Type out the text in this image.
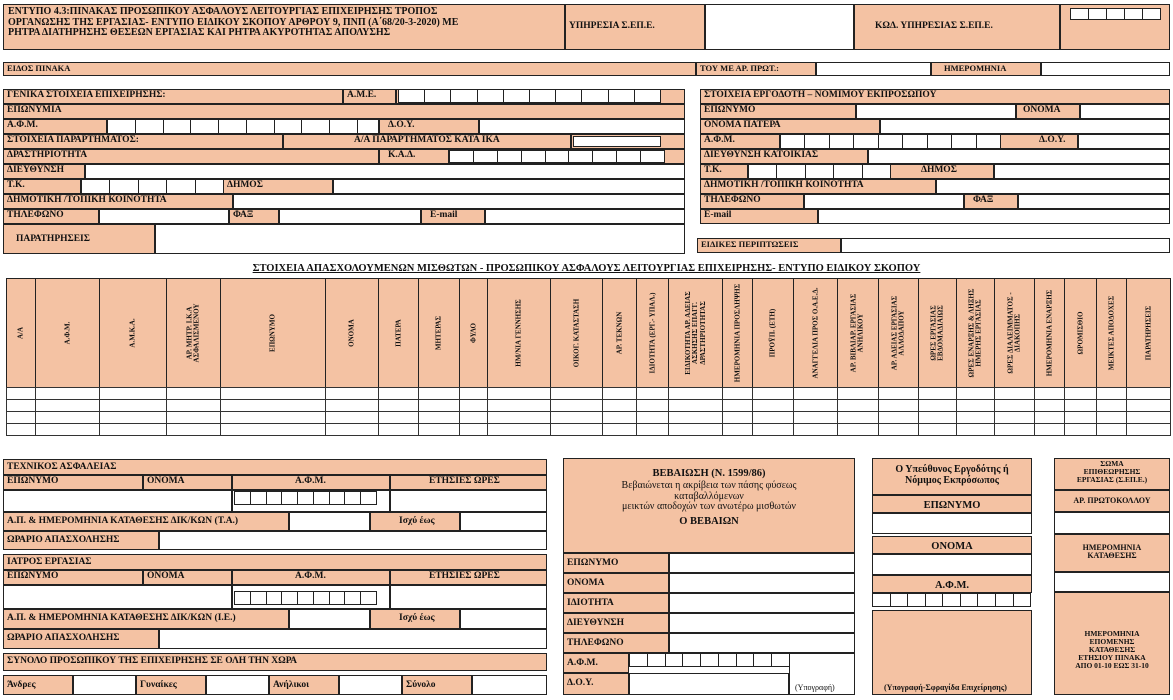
ΕΝΤΥΠΟ 4.3:ΠΙΝΑΚΑΣ ΠΡΟΣΩΠΙΚΟΥ ΑΣΦΑΛΟΥΣ ΛΕΙΤΟΥΡΓΙΑΣ ΕΠΙΧΕΙΡΗΣΗΣ ΤΡΟΠΟΣ
ΟΡΓΑΝΩΣΗΣ ΤΗΣ ΕΡΓΑΣΙΑΣ- ΕΝΤΥΠΟ ΕΙΔΙΚΟΥ ΣΚΟΠΟΥ ΑΡΘΡΟΥ 9, ΠΝΠ (Α΄68/20-3-2020) ΜΕ
ΡΗΤΡΑ ΔΙΑΤΗΡΗΣΗΣ ΘΕΣΕΩΝ ΕΡΓΑΣΙΑΣ ΚΑΙ ΡΗΤΡΑ ΑΚΥΡΟΤΗΤΑΣ ΑΠΟΛΥΣΗΣ
ΥΠΗΡΕΣΙΑ Σ.ΕΠ.Ε.	ΚΩΔ. ΥΠΗΡΕΣΙΑΣ Σ.ΕΠ.Ε.
ΕΙΔΟΣ ΠΙΝΑΚΑ	ΤΟΥ ΜΕ ΑΡ. ΠΡΩΤ.:	ΗΜΕΡΟΜΗΝΙΑ
ΓΕΝΙΚΑ ΣΤΟΙΧΕΙΑ ΕΠΙΧΕΙΡΗΣΗΣ:	Α.Μ.Ε.
ΕΠΩΝΥΜΙΑ
Α.Φ.Μ.	Δ.Ο.Υ.
ΣΤΟΙΧΕΙΑ ΠΑΡΑΡΤΗΜΑΤΟΣ:	Α/Α ΠΑΡΑΡΤΗΜΑΤΟΣ ΚΑΤΑ ΙΚΑ
ΔΡΑΣΤΗΡΙΟΤΗΤΑ	Κ.Α.Δ.
ΔΙΕΥΘΥΝΣΗ
Τ.Κ.	ΔΗΜΟΣ
ΔΗΜΟΤΙΚΗ /ΤΟΠΙΚΗ ΚΟΙΝΟΤΗΤΑ
ΤΗΛΕΦΩΝΟ	ΦΑΞ	E-mail
ΠΑΡΑΤΗΡΗΣΕΙΣ
ΣΤΟΙΧΕΙΑ ΕΡΓΟΔΟΤΗ – ΝΟΜΙΜΟΥ ΕΚΠΡΟΣΩΠΟΥ
ΕΠΩΝΥΜΟ	ΟΝΟΜΑ
ΟΝΟΜΑ ΠΑΤΕΡΑ
Α.Φ.Μ.	Δ.Ο.Υ.
ΔΙΕΥΘΥΝΣΗ ΚΑΤΟΙΚΙΑΣ
Τ.Κ.	ΔΗΜΟΣ
ΔΗΜΟΤΙΚΗ /ΤΟΠΙΚΗ ΚΟΙΝΟΤΗΤΑ
ΤΗΛΕΦΩΝΟ	ΦΑΞ
E-mail
ΕΙΔΙΚΕΣ ΠΕΡΙΠΤΩΣΕΙΣ
ΣΤΟΙΧΕΙΑ ΑΠΑΣΧΟΛΟΥΜΕΝΩΝ ΜΙΣΘΩΤΩΝ - ΠΡΟΣΩΠΙΚΟΥ ΑΣΦΑΛΟΥΣ ΛΕΙΤΟΥΡΓΙΑΣ ΕΠΙΧΕΙΡΗΣΗΣ- ΕΝΤΥΠΟ ΕΙΔΙΚΟΥ ΣΚΟΠΟΥ
Α/Α	Α.Φ.Μ.	Α.Μ.Κ.Α.	ΑΡ. ΜΗΤΡ. Ι.Κ.Α ΑΣΦΑΛΙΣΜΕΝΟΥ	ΕΠΩΝΥΜΟ	ΟΝΟΜΑ	ΠΑΤΕΡΑ	ΜΗΤΕΡΑΣ	ΦΥΛΟ	ΗΜ/ΝΙΑ ΓΕΝΝΗΣΗΣ	ΟΙΚΟΓ. ΚΑΤΑΣΤΑΣΗ	ΑΡ. ΤΕΚΝΩΝ	ΙΔΙΟΤΗΤΑ (ΕΡΓ.- ΥΠΑΛ.)	ΕΙΔΙΚΟΤΗΤΑ ΑΡ. ΑΔΕΙΑΣ ΑΣΚΗΣΗΣ ΕΠΑΓΓ. ΔΡΑΣΤΗΡΙΟΤΗΤΑΣ	ΗΜΕΡΟΜΗΝΙΑ ΠΡΟΣΛΗΨΗΣ	ΠΡΟΫΠ. (ΕΤΗ)	ΑΝΑΓΓΕΛΙΑ ΠΡΟΣ Ο.Α.Ε.Δ.	ΑΡ. ΒΙΒΛΙΑΡ. ΕΡΓΑΣΙΑΣ ΑΝΗΛΙΚΟΥ	ΑΡ. ΑΔΕΙΑΣ ΕΡΓΑΣΙΑΣ ΑΛΛΟΔΑΠΟΥ	ΩΡΕΣ ΕΡΓΑΣΙΑΣ ΕΒΔΟΜΑΔΙΑΙΩΣ	ΩΡΕΣ ΕΝΑΡΞΗΣ & ΛΗΞΗΣ ΗΜΕΡΗΣ ΕΡΓΑΣΙΑΣ	ΩΡΕΣ ΔΙΑΛΕΙΜΜΑΤΟΣ - ΔΙΑΚΟΠΗΣ	ΗΜΕΡΟΜΗΝΙΑ ΕΝΑΡΞΗΣ	ΩΡΟΜΙΣΘΙΟ	ΜΕΙΚΤΕΣ ΑΠΟΔΟΧΕΣ	ΠΑΡΑΤΗΡΗΣΕΙΣ
ΤΕΧΝΙΚΟΣ ΑΣΦΑΛΕΙΑΣ
ΕΠΩΝΥΜΟ	ΟΝΟΜΑ	Α.Φ.Μ.	ΕΤΗΣΙΕΣ ΩΡΕΣ
Α.Π. & ΗΜΕΡΟΜΗΝΙΑ ΚΑΤΑΘΕΣΗΣ ΔΙΚ/ΚΩΝ (Τ.Α.)	Ισχύ έως
ΩΡΑΡΙΟ ΑΠΑΣΧΟΛΗΣΗΣ
ΙΑΤΡΟΣ ΕΡΓΑΣΙΑΣ
ΕΠΩΝΥΜΟ	ΟΝΟΜΑ	Α.Φ.Μ.	ΕΤΗΣΙΕΣ ΩΡΕΣ
Α.Π. & ΗΜΕΡΟΜΗΝΙΑ ΚΑΤΑΘΕΣΗΣ ΔΙΚ/ΚΩΝ (Ι.Ε.)	Ισχύ έως
ΩΡΑΡΙΟ ΑΠΑΣΧΟΛΗΣΗΣ
ΣΥΝΟΛΟ ΠΡΟΣΩΠΙΚΟΥ ΤΗΣ ΕΠΙΧΕΙΡΗΣΗΣ ΣΕ ΟΛΗ ΤΗΝ ΧΩΡΑ
Άνδρες	Γυναίκες	Ανήλικοι	Σύνολο
ΒΕΒΑΙΩΣΗ (Ν. 1599/86)
Βεβαιώνεται η ακρίβεια των πάσης φύσεως
καταβαλλόμενων
μεικτών αποδοχών των ανωτέρω μισθωτών
Ο ΒΕΒΑΙΩΝ
ΕΠΩΝΥΜΟ
ΟΝΟΜΑ
ΙΔΙΟΤΗΤΑ
ΔΙΕΥΘΥΝΣΗ
ΤΗΛΕΦΩΝΟ
Α.Φ.Μ.
Δ.Ο.Υ.	(Υπογραφή)
Ο Υπεύθυνος Εργοδότης ή
Νόμιμος Εκπρόσωπος
ΕΠΩΝΥΜΟ
ΟΝΟΜΑ
Α.Φ.Μ.
(Υπογραφή-Σφραγίδα Επιχείρησης)
ΣΩΜΑ
ΕΠΙΘΕΩΡΗΣΗΣ
ΕΡΓΑΣΙΑΣ (Σ.ΕΠ.Ε.)
ΑΡ. ΠΡΩΤΟΚΟΛΛΟΥ
ΗΜΕΡΟΜΗΝΙΑ
ΚΑΤΑΘΕΣΗΣ
ΗΜΕΡΟΜΗΝΙΑ
ΕΠΟΜΕΝΗΣ
ΚΑΤΑΘΕΣΗΣ
ΕΤΗΣΙΟΥ ΠΙΝΑΚΑ
ΑΠΟ 01-10 ΕΩΣ 31-10
